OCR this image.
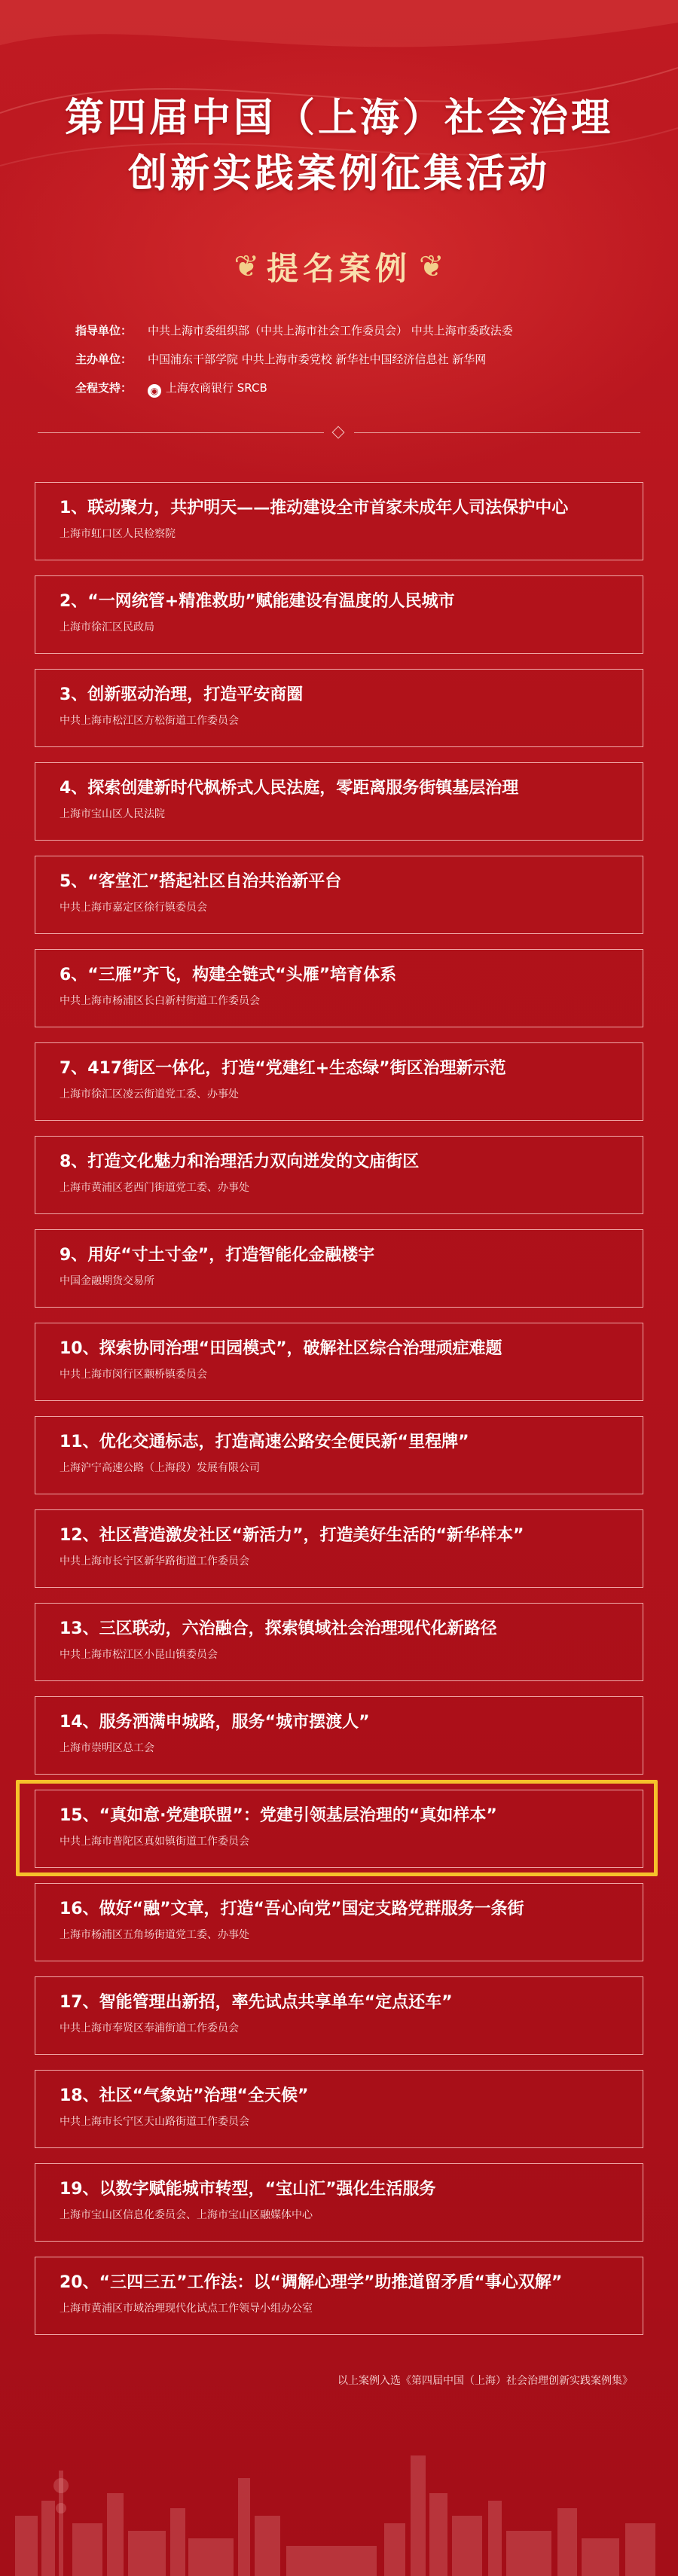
第四届中国（上海）社会治理

创新实践案例征集活动

❦ 提名案例 ❦
指导单位：	中共上海市委组织部（中共上海市社会工作委员会） 中共上海市委政法委
主办单位：	中国浦东干部学院 中共上海市委党校 新华社中国经济信息社 新华网
全程支持：	◉ 上海农商银行 SRCB
1、联动聚力，共护明天——推动建设全市首家未成年人司法保护中心
上海市虹口区人民检察院
2、“一网统管+精准救助”赋能建设有温度的人民城市
上海市徐汇区民政局
3、创新驱动治理，打造平安商圈
中共上海市松江区方松街道工作委员会
4、探索创建新时代枫桥式人民法庭，零距离服务街镇基层治理
上海市宝山区人民法院
5、“客堂汇”搭起社区自治共治新平台
中共上海市嘉定区徐行镇委员会
6、“三雁”齐飞，构建全链式“头雁”培育体系
中共上海市杨浦区长白新村街道工作委员会
7、417街区一体化，打造“党建红+生态绿”街区治理新示范
上海市徐汇区凌云街道党工委、办事处
8、打造文化魅力和治理活力双向迸发的文庙街区
上海市黄浦区老西门街道党工委、办事处
9、用好“寸土寸金”，打造智能化金融楼宇
中国金融期货交易所
10、探索协同治理“田园模式”，破解社区综合治理顽症难题
中共上海市闵行区颛桥镇委员会
11、优化交通标志，打造高速公路安全便民新“里程牌”
上海沪宁高速公路（上海段）发展有限公司
12、社区营造激发社区“新活力”，打造美好生活的“新华样本”
中共上海市长宁区新华路街道工作委员会
13、三区联动，六治融合，探索镇域社会治理现代化新路径
中共上海市松江区小昆山镇委员会
14、服务洒满申城路，服务“城市摆渡人”
上海市崇明区总工会
15、“真如意·党建联盟”：党建引领基层治理的“真如样本”
中共上海市普陀区真如镇街道工作委员会
16、做好“融”文章，打造“吾心向党”国定支路党群服务一条街
上海市杨浦区五角场街道党工委、办事处
17、智能管理出新招，率先试点共享单车“定点还车”
中共上海市奉贤区奉浦街道工作委员会
18、社区“气象站”治理“全天候”
中共上海市长宁区天山路街道工作委员会
19、以数字赋能城市转型，“宝山汇”强化生活服务
上海市宝山区信息化委员会、上海市宝山区融媒体中心
20、“三四三五”工作法：以“调解心理学”助推道留矛盾“事心双解”
上海市黄浦区市域治理现代化试点工作领导小组办公室
以上案例入选《第四届中国（上海）社会治理创新实践案例集》
